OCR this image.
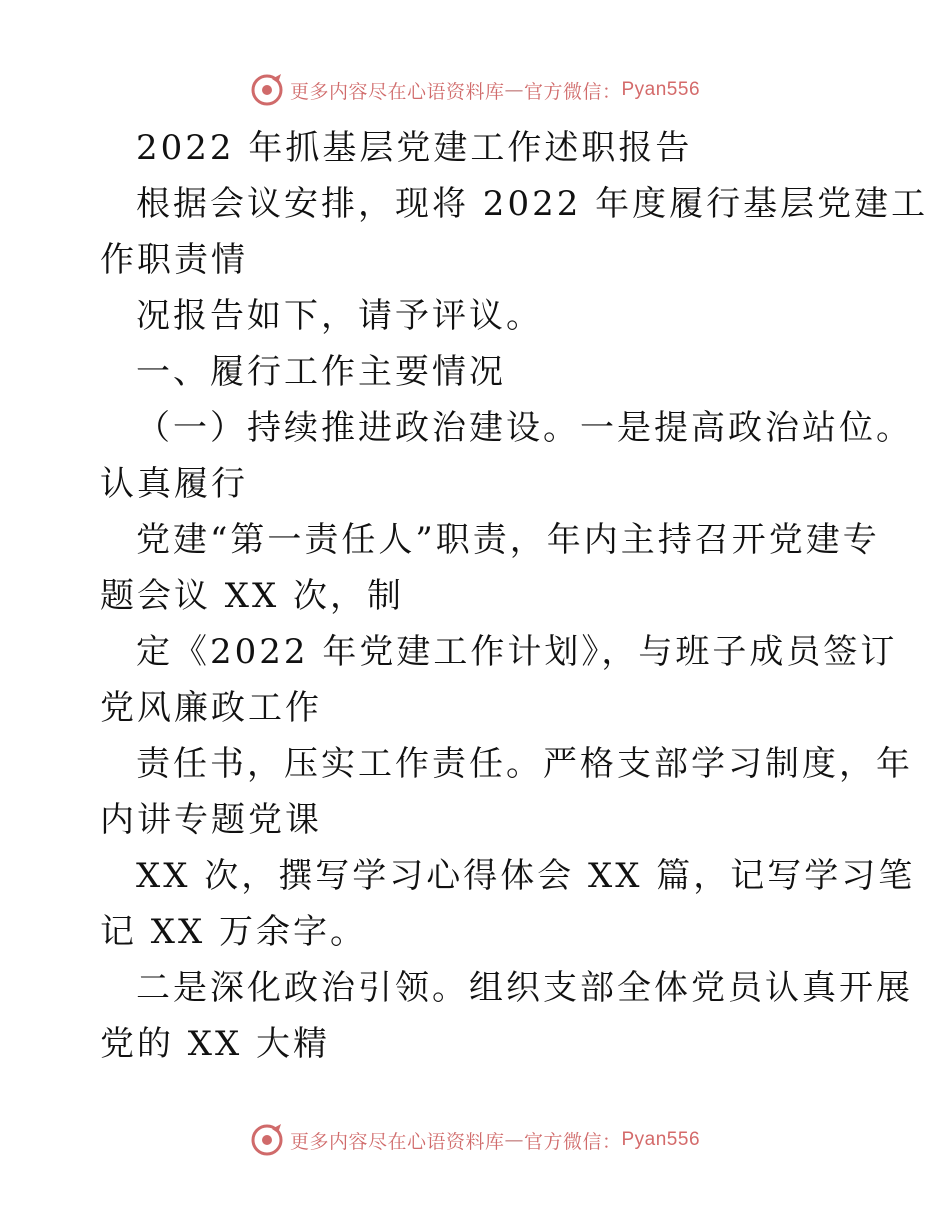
更多内容尽在心语资料库 — 官方微信： Pyan556
2022 年抓基层党建工作述职报告
根据会议安排，现将 2022 年度履行基层党建工
作职责情
况报告如下，请予评议。
一、履行工作主要情况
（一）持续推进政治建设。一是提高政治站位。
认真履行
党建“第一责任人”职责，年内主持召开党建专
题会议 XX 次，制
定《2022 年党建工作计划》，与班子成员签订
党风廉政工作
责任书，压实工作责任。严格支部学习制度，年
内讲专题党课
XX 次，撰写学习心得体会 XX 篇，记写学习笔
记 XX 万余字。
二是深化政治引领。组织支部全体党员认真开展
党的 XX 大精
更多内容尽在心语资料库 — 官方微信： Pyan556
